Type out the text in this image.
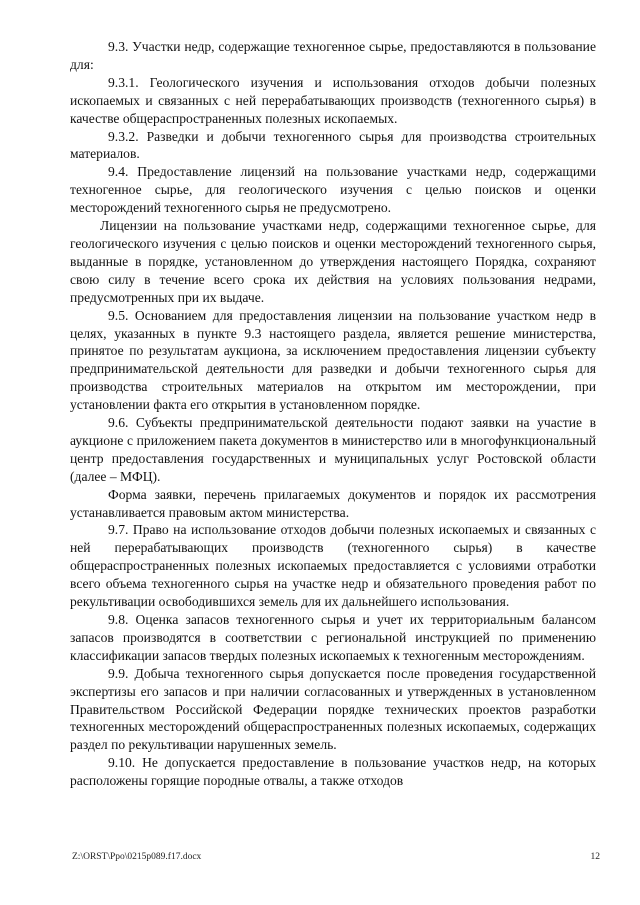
9.3. Участки недр, содержащие техногенное сырье, предоставляются в пользование для:

9.3.1. Геологического изучения и использования отходов добычи полезных ископаемых и связанных с ней перерабатывающих производств (техногенного сырья) в качестве общераспространенных полезных ископаемых.

9.3.2. Разведки и добычи техногенного сырья для производства строительных материалов.

9.4. Предоставление лицензий на пользование участками недр, содержащими техногенное сырье, для геологического изучения с целью поисков и оценки месторождений техногенного сырья не предусмотрено.

Лицензии на пользование участками недр, содержащими техногенное сырье, для геологического изучения с целью поисков и оценки месторождений техногенного сырья, выданные в порядке, установленном до утверждения настоящего Порядка, сохраняют свою силу в течение всего срока их действия на условиях пользования недрами, предусмотренных при их выдаче.

9.5. Основанием для предоставления лицензии на пользование участком недр в целях, указанных в пункте 9.3 настоящего раздела, является решение министерства, принятое по результатам аукциона, за исключением предоставления лицензии субъекту предпринимательской деятельности для разведки и добычи техногенного сырья для производства строительных материалов на открытом им месторождении, при установлении факта его открытия в установленном порядке.

9.6. Субъекты предпринимательской деятельности подают заявки на участие в аукционе с приложением пакета документов в министерство или в многофункциональный центр предоставления государственных и муниципальных услуг Ростовской области (далее – МФЦ).

Форма заявки, перечень прилагаемых документов и порядок их рассмотрения устанавливается правовым актом министерства.

9.7. Право на использование отходов добычи полезных ископаемых и связанных с ней перерабатывающих производств (техногенного сырья) в качестве общераспространенных полезных ископаемых предоставляется с условиями отработки всего объема техногенного сырья на участке недр и обязательного проведения работ по рекультивации освободившихся земель для их дальнейшего использования.

9.8. Оценка запасов техногенного сырья и учет их территориальным балансом запасов производятся в соответствии с региональной инструкцией по применению классификации запасов твердых полезных ископаемых к техногенным месторождениям.

9.9. Добыча техногенного сырья допускается после проведения государственной экспертизы его запасов и при наличии согласованных и утвержденных в установленном Правительством Российской Федерации порядке технических проектов разработки техногенных месторождений общераспространенных полезных ископаемых, содержащих раздел по рекультивации нарушенных земель.

9.10. Не допускается предоставление в пользование участков недр, на которых расположены горящие породные отвалы, а также отходов

Z:\ORST\Ppo\0215p089.f17.docx	12
